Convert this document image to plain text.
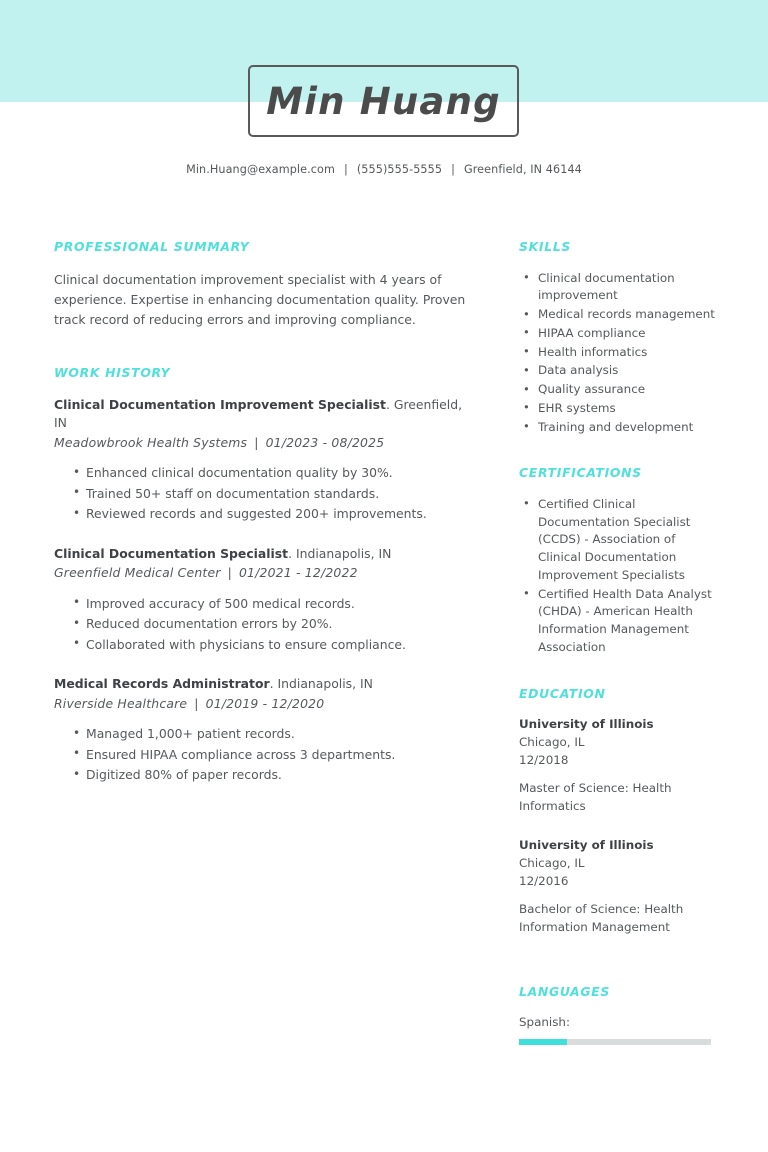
Min Huang
Min.Huang@example.com | (555)555-5555 | Greenfield, IN 46144
PROFESSIONAL SUMMARY

Clinical documentation improvement specialist with 4 years of experience. Expertise in enhancing documentation quality. Proven track record of reducing errors and improving compliance.

WORK HISTORY
Clinical Documentation Improvement Specialist. Greenfield, IN
Meadowbrook Health Systems | 01/2023 - 08/2025
• Enhanced clinical documentation quality by 30%.
• Trained 50+ staff on documentation standards.
• Reviewed records and suggested 200+ improvements.
Clinical Documentation Specialist. Indianapolis, IN
Greenfield Medical Center | 01/2021 - 12/2022
• Improved accuracy of 500 medical records.
• Reduced documentation errors by 20%.
• Collaborated with physicians to ensure compliance.
Medical Records Administrator. Indianapolis, IN
Riverside Healthcare | 01/2019 - 12/2020
• Managed 1,000+ patient records.
• Ensured HIPAA compliance across 3 departments.
• Digitized 80% of paper records.
SKILLS
• Clinical documentation improvement
• Medical records management
• HIPAA compliance
• Health informatics
• Data analysis
• Quality assurance
• EHR systems
• Training and development
CERTIFICATIONS
• Certified Clinical Documentation Specialist (CCDS) - Association of Clinical Documentation Improvement Specialists
• Certified Health Data Analyst (CHDA) - American Health Information Management Association
EDUCATION
University of Illinois
Chicago, IL
12/2018
Master of Science: Health Informatics
University of Illinois
Chicago, IL
12/2016
Bachelor of Science: Health Information Management
LANGUAGES
Spanish:
